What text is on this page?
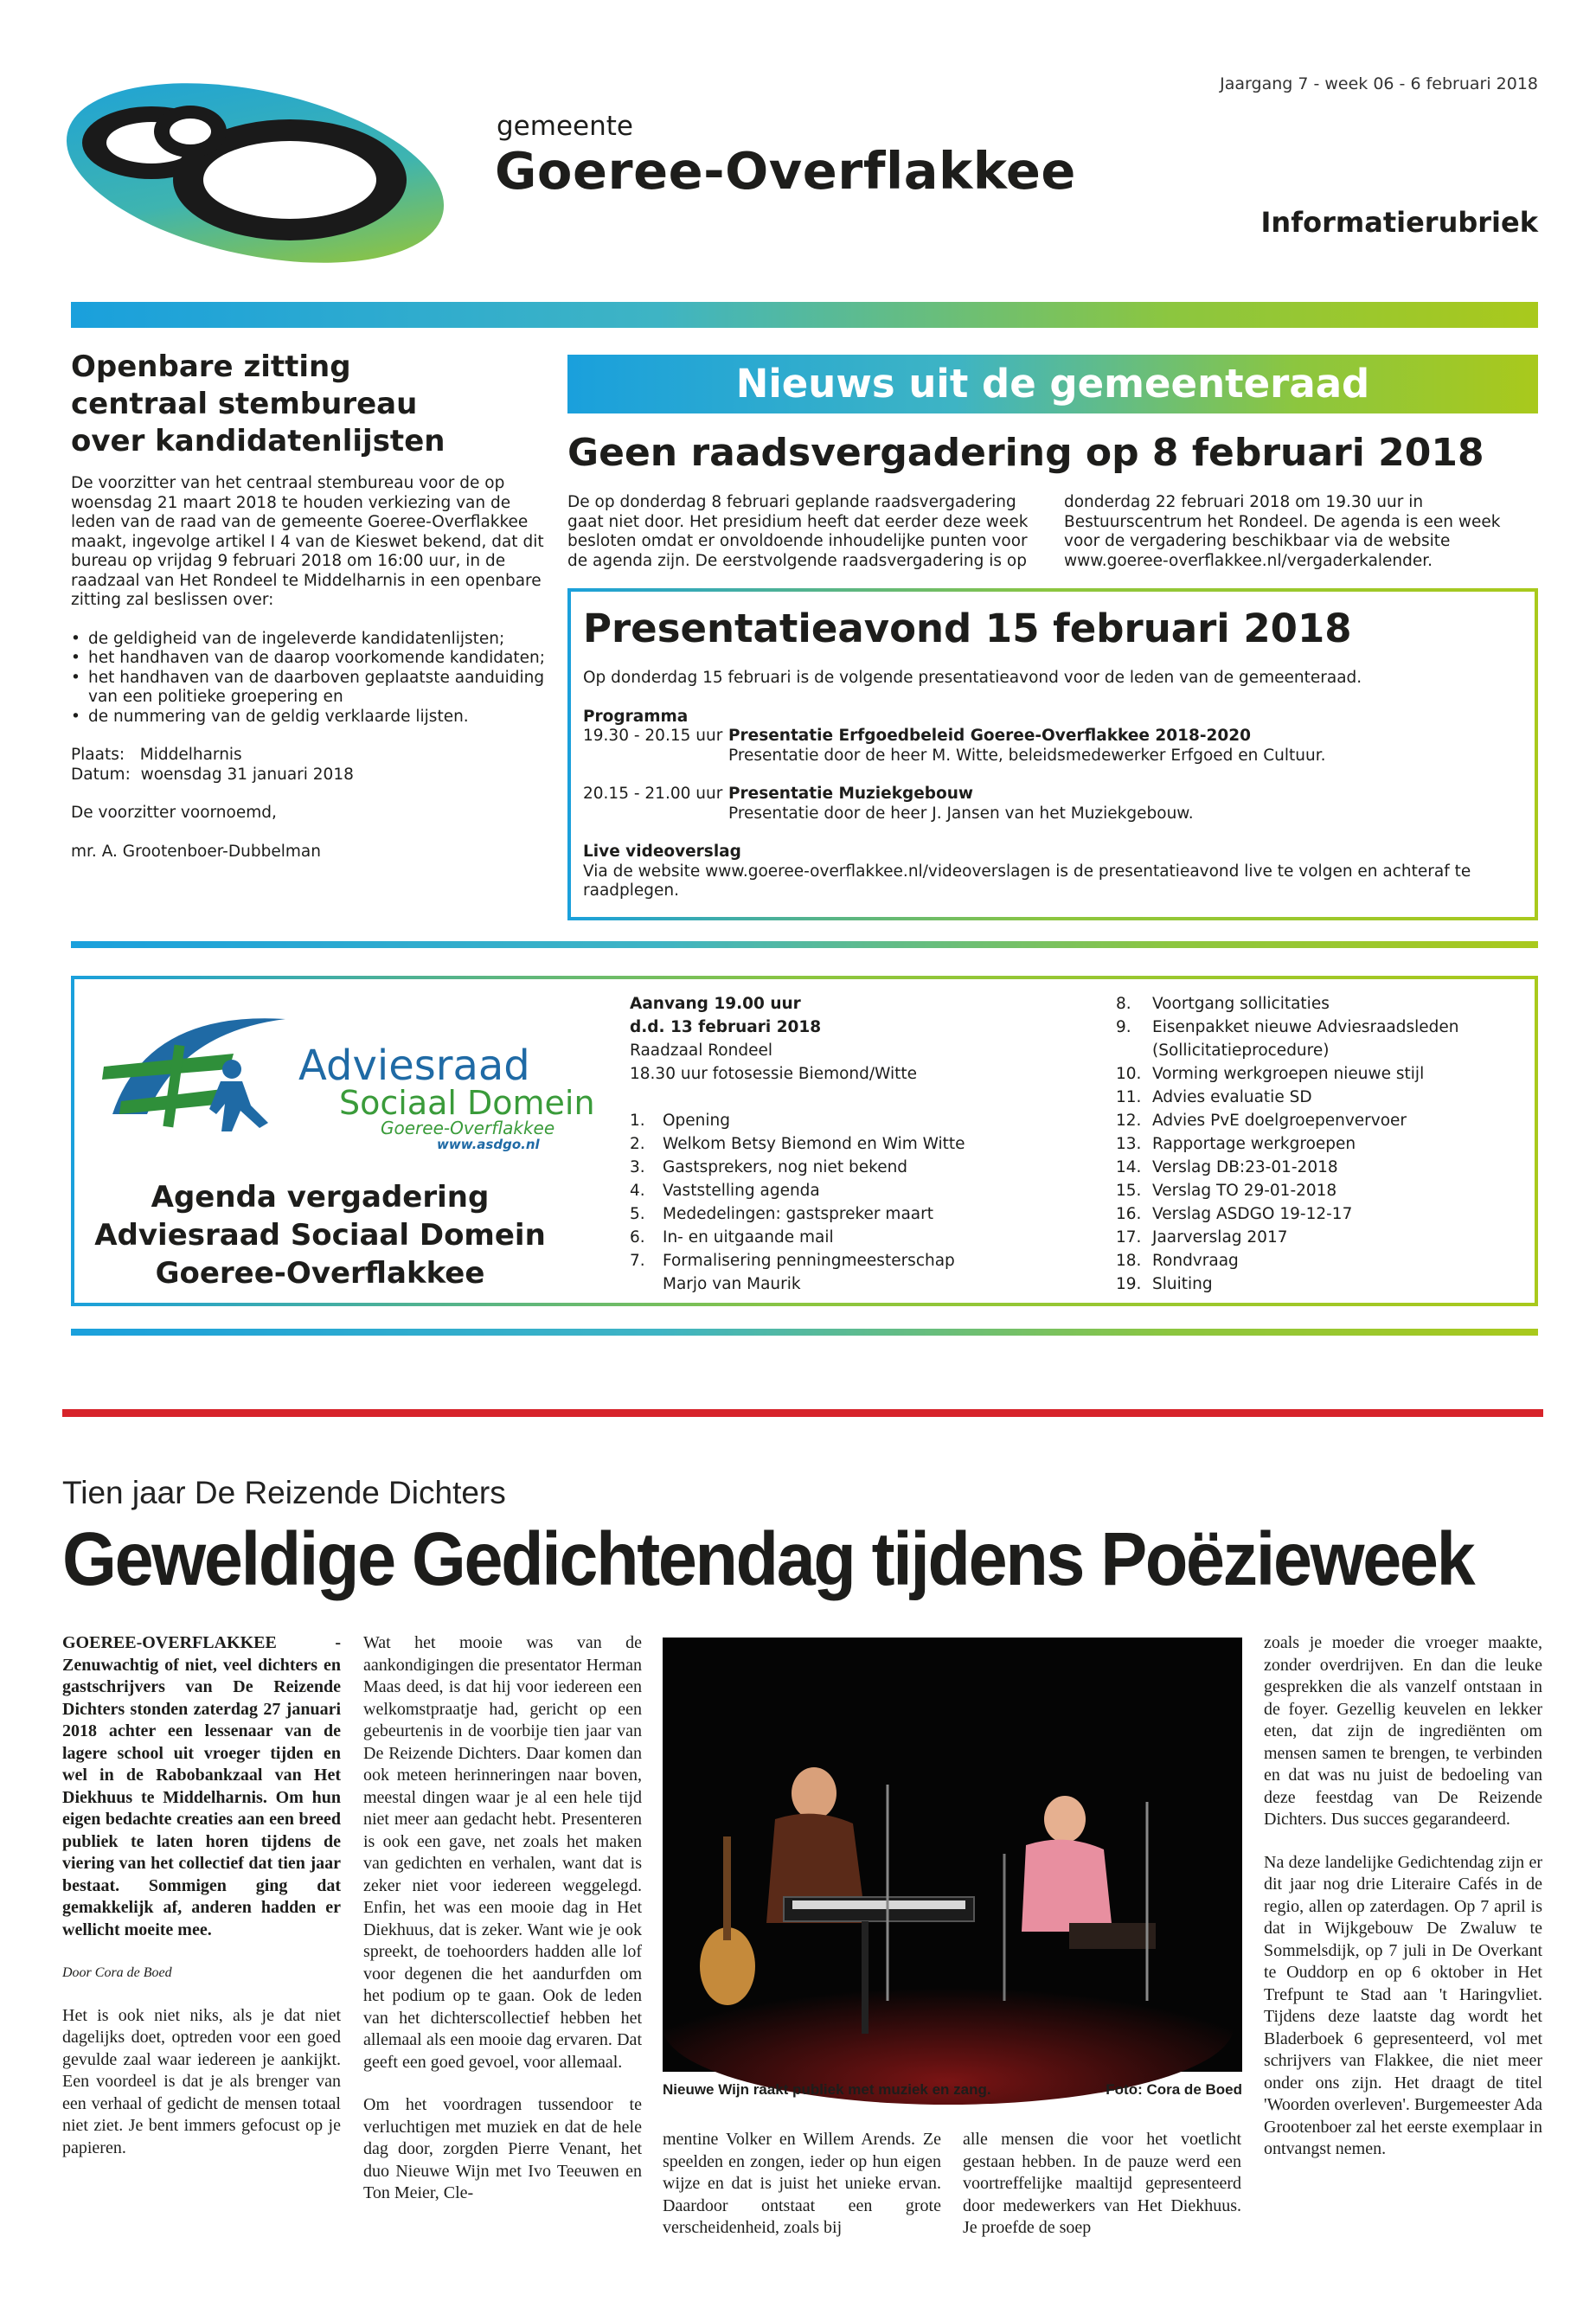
Jaargang 7 - week 06 - 6 februari 2018
gemeente
Goeree-Overflakkee
Informatierubriek
Openbare zitting
centraal stembureau
over kandidatenlijsten

De voorzitter van het centraal stembureau voor de op woensdag 21 maart 2018 te houden verkiezing van de leden van de raad van de gemeente Goeree-Overflakkee maakt, ingevolge artikel I 4 van de Kieswet bekend, dat dit bureau op vrijdag 9 februari 2018 om 16:00 uur, in de raadzaal van Het Rondeel te Middelharnis in een openbare zitting zal beslissen over:

• de geldigheid van de ingeleverde kandidatenlijsten;
• het handhaven van de daarop voorkomende kandidaten;
• het handhaven van de daarboven geplaatste aanduiding van een politieke groepering en
• de nummering van de geldig verklaarde lijsten.
Plaats:   Middelharnis

Datum:  woensdag 31 januari 2018

De voorzitter voornoemd,

mr. A. Grootenboer-Dubbelman

Nieuws uit de gemeenteraad
Geen raadsvergadering op 8 februari 2018
De op donderdag 8 februari geplande raadsvergadering gaat niet door. Het presidium heeft dat eerder deze week besloten omdat er onvoldoende inhoudelijke punten voor de agenda zijn. De eerstvolgende raadsvergadering is op
donderdag 22 februari 2018 om 19.30 uur in Bestuurscentrum het Rondeel. De agenda is een week voor de vergadering beschikbaar via de website www.goeree-overflakkee.nl/vergaderkalender.
Presentatieavond 15 februari 2018
Op donderdag 15 februari is de volgende presentatieavond voor de leden van de gemeenteraad.
Programma
19.30 - 20.15 uur Presentatie Erfgoedbeleid Goeree-Overflakkee 2018-2020
Presentatie door de heer M. Witte, beleidsmedewerker Erfgoed en Cultuur.
20.15 - 21.00 uur Presentatie Muziekgebouw
Presentatie door de heer J. Jansen van het Muziekgebouw.
Live videoverslag
Via de website www.goeree-overflakkee.nl/videoverslagen is de presentatieavond live te volgen en achteraf te raadplegen.
Adviesraad
Sociaal Domein
Goeree-Overflakkee
www.asdgo.nl
Agenda vergadering
Adviesraad Sociaal Domein
Goeree-Overflakkee
Aanvang 19.00 uur
d.d. 13 februari 2018
Raadzaal Rondeel
18.30 uur fotosessie Biemond/Witte
1.	Opening
2.	Welkom Betsy Biemond en Wim Witte
3.	Gastsprekers, nog niet bekend
4.	Vaststelling agenda
5.	Mededelingen: gastspreker maart
6.	In- en uitgaande mail
7.	Formalisering penningmeesterschap
Marjo van Maurik
8.	Voortgang sollicitaties
9.	Eisenpakket nieuwe Adviesraadsleden
(Sollicitatieprocedure)
10. Vorming werkgroepen nieuwe stijl
11. Advies evaluatie SD
12. Advies PvE doelgroepenvervoer
13. Rapportage werkgroepen
14. Verslag DB:23-01-2018
15. Verslag TO 29-01-2018
16. Verslag ASDGO 19-12-17
17. Jaarverslag 2017
18. Rondvraag
19. Sluiting
Tien jaar De Reizende Dichters
Geweldige Gedichtendag tijdens Poëzieweek

GOEREE-OVERFLAKKEE - Zenuwachtig of niet, veel dichters en gastschrijvers van De Reizende Dichters stonden zaterdag 27 januari 2018 achter een lessenaar van de lagere school uit vroeger tijden en wel in de Rabobankzaal van Het Diekhuus te Middelharnis. Om hun eigen bedachte creaties aan een breed publiek te laten horen tijdens de viering van het collectief dat tien jaar bestaat. Sommigen ging dat gemakkelijk af, anderen hadden er wellicht moeite mee.

Door Cora de Boed

Het is ook niet niks, als je dat niet dagelijks doet, optreden voor een goed gevulde zaal waar iedereen je aankijkt. Een voordeel is dat je als brenger van een verhaal of gedicht de mensen totaal niet ziet. Je bent immers gefocust op je papieren.

Wat het mooie was van de aankondigingen die presentator Herman Maas deed, is dat hij voor iedereen een welkomstpraatje had, gericht op een gebeurtenis in de voorbije tien jaar van De Reizende Dichters. Daar komen dan ook meteen herinneringen naar boven, meestal dingen waar je al een hele tijd niet meer aan gedacht hebt. Presenteren is ook een gave, net zoals het maken van gedichten en verhalen, want dat is zeker niet voor iedereen weggelegd. Enfin, het was een mooie dag in Het Diekhuus, dat is zeker. Want wie je ook spreekt, de toehoorders hadden alle lof voor degenen die het aandurfden om het podium op te gaan. Ook de leden van het dichterscollectief hebben het allemaal als een mooie dag ervaren. Dat geeft een goed gevoel, voor allemaal.

Om het voordragen tussendoor te verluchtigen met muziek en dat de hele dag door, zorgden Pierre Venant, het duo Nieuwe Wijn met Ivo Teeuwen en Ton Meier, Cle-

Nieuwe Wijn raakt publiek met muziek en zang.	Foto: Cora de Boed

mentine Volker en Willem Arends. Ze speelden en zongen, ieder op hun eigen wijze en dat is juist het unieke ervan. Daardoor ontstaat een grote verscheidenheid, zoals bij

alle mensen die voor het voetlicht gestaan hebben. In de pauze werd een voortreffelijke maaltijd gepresenteerd door medewerkers van Het Diekhuus. Je proefde de soep

zoals je moeder die vroeger maakte, zonder overdrijven. En dan die leuke gesprekken die als vanzelf ontstaan in de foyer. Gezellig keuvelen en lekker eten, dat zijn de ingrediënten om mensen samen te brengen, te verbinden en dat was nu juist de bedoeling van deze feestdag van De Reizende Dichters. Dus succes gegarandeerd.

Na deze landelijke Gedichtendag zijn er dit jaar nog drie Literaire Cafés in de regio, allen op zaterdagen. Op 7 april is dat in Wijkgebouw De Zwaluw te Sommelsdijk, op 7 juli in De Overkant te Ouddorp en op 6 oktober in Het Trefpunt te Stad aan 't Haringvliet. Tijdens deze laatste dag wordt het Bladerboek 6 gepresenteerd, vol met schrijvers van Flakkee, die niet meer onder ons zijn. Het draagt de titel 'Woorden overleven'. Burgemeester Ada Grootenboer zal het eerste exemplaar in ontvangst nemen.
